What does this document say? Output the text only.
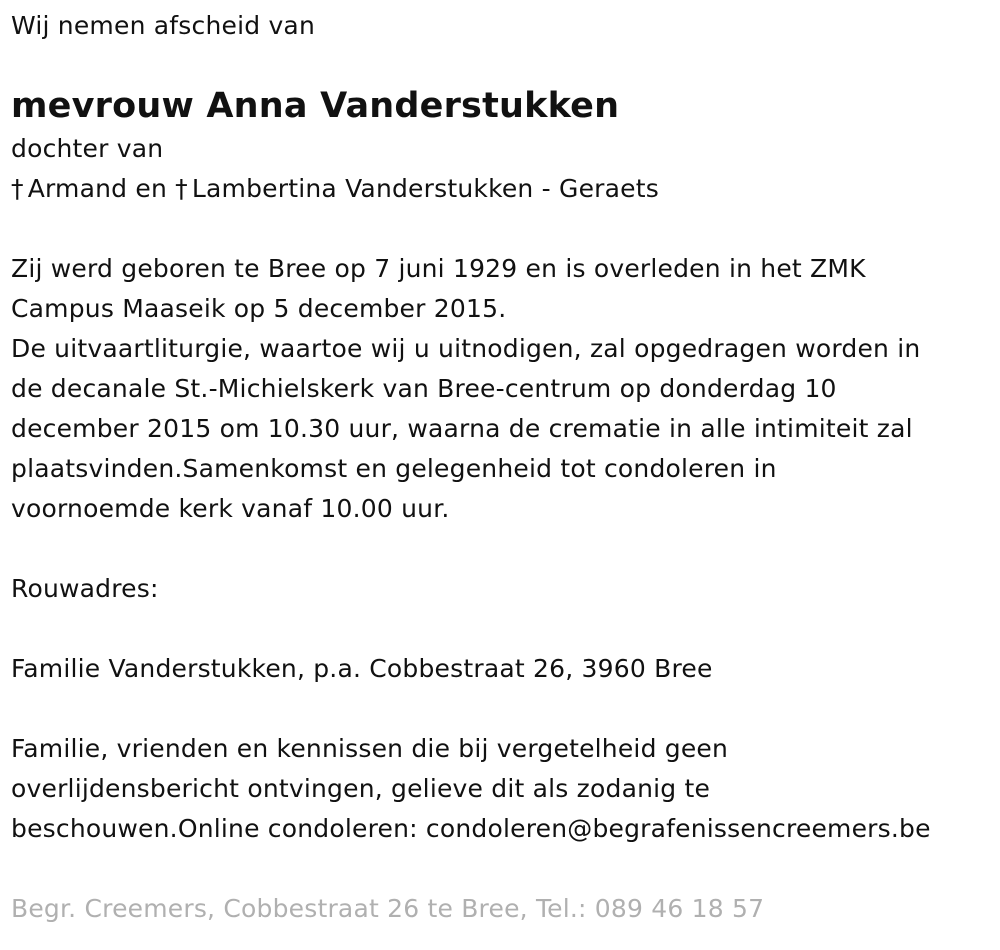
Wij nemen afscheid van
mevrouw Anna Vanderstukken
dochter van
† Armand en † Lambertina Vanderstukken - Geraets
Zij werd geboren te Bree op 7 juni 1929 en is overleden in het ZMK
Campus Maaseik op 5 december 2015.
De uitvaartliturgie, waartoe wij u uitnodigen, zal opgedragen worden in
de decanale St.-Michielskerk van Bree-centrum op donderdag 10
december 2015 om 10.30 uur, waarna de crematie in alle intimiteit zal
plaatsvinden.Samenkomst en gelegenheid tot condoleren in
voornoemde kerk vanaf 10.00 uur.
Rouwadres:
Familie Vanderstukken, p.a. Cobbestraat 26, 3960 Bree
Familie, vrienden en kennissen die bij vergetelheid geen
overlijdensbericht ontvingen, gelieve dit als zodanig te
beschouwen.Online condoleren: condoleren@begrafenissencreemers.be
Begr. Creemers, Cobbestraat 26 te Bree, Tel.: 089 46 18 57
